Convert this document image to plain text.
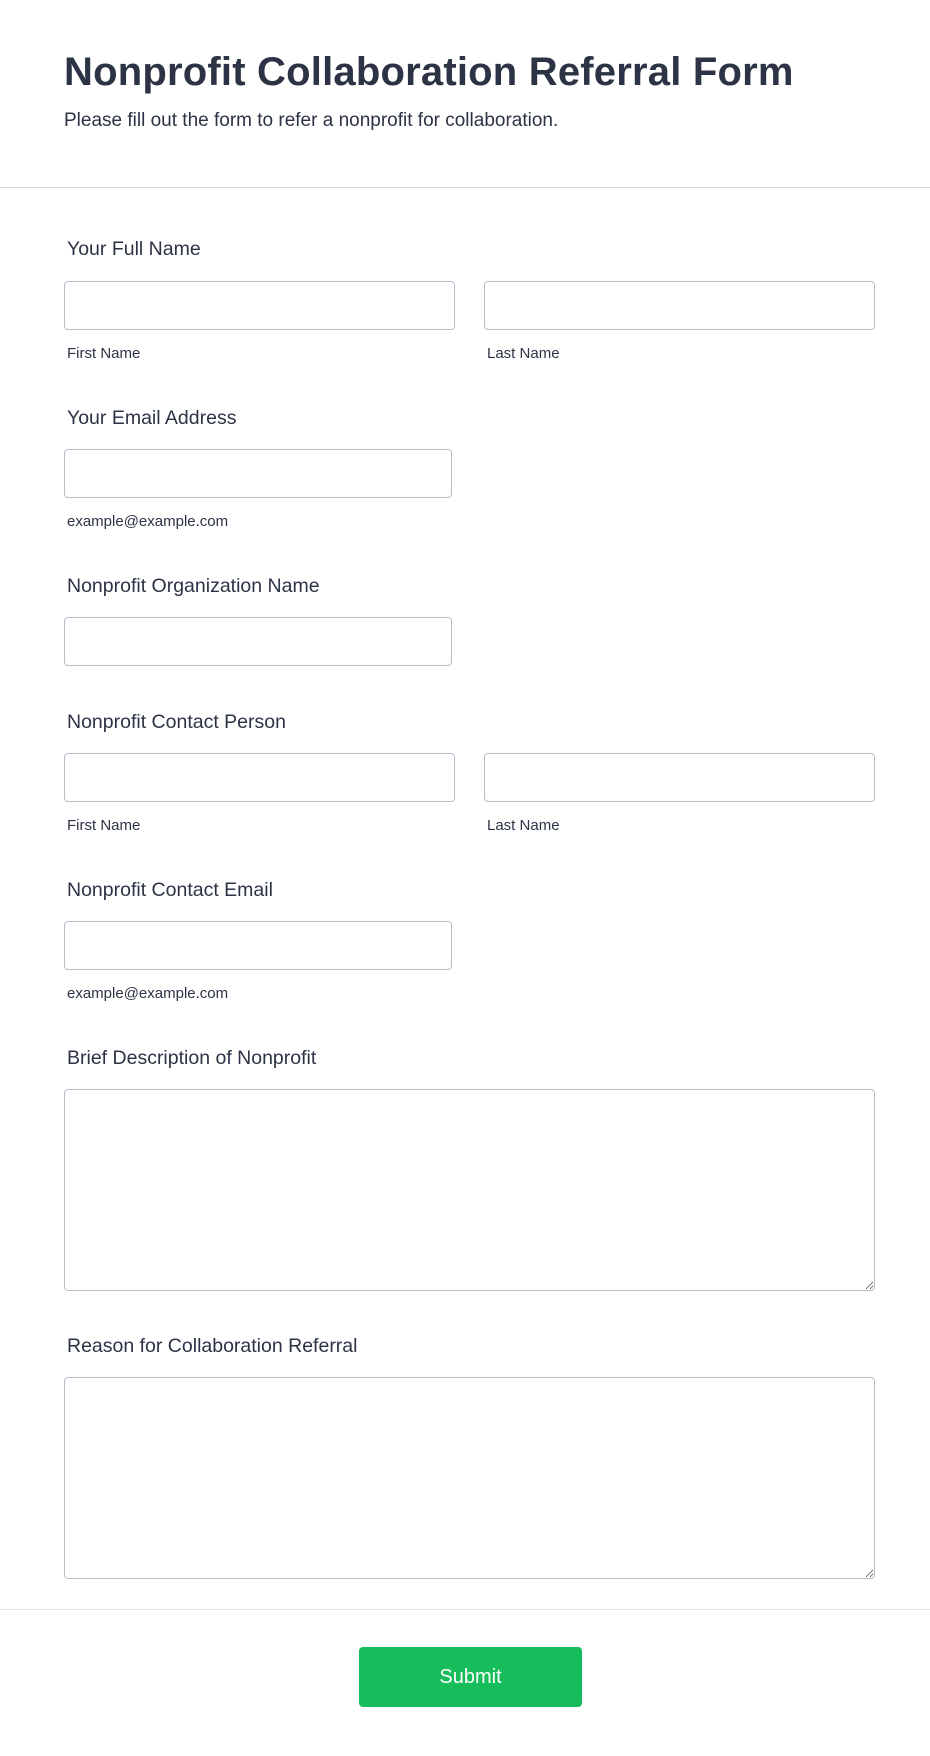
Nonprofit Collaboration Referral Form

Please fill out the form to refer a nonprofit for collaboration.

Your Full Name
First Name	Last Name
Your Email Address
example@example.com
Nonprofit Organization Name
Nonprofit Contact Person
First Name	Last Name
Nonprofit Contact Email
example@example.com
Brief Description of Nonprofit
Reason for Collaboration Referral
Submit
